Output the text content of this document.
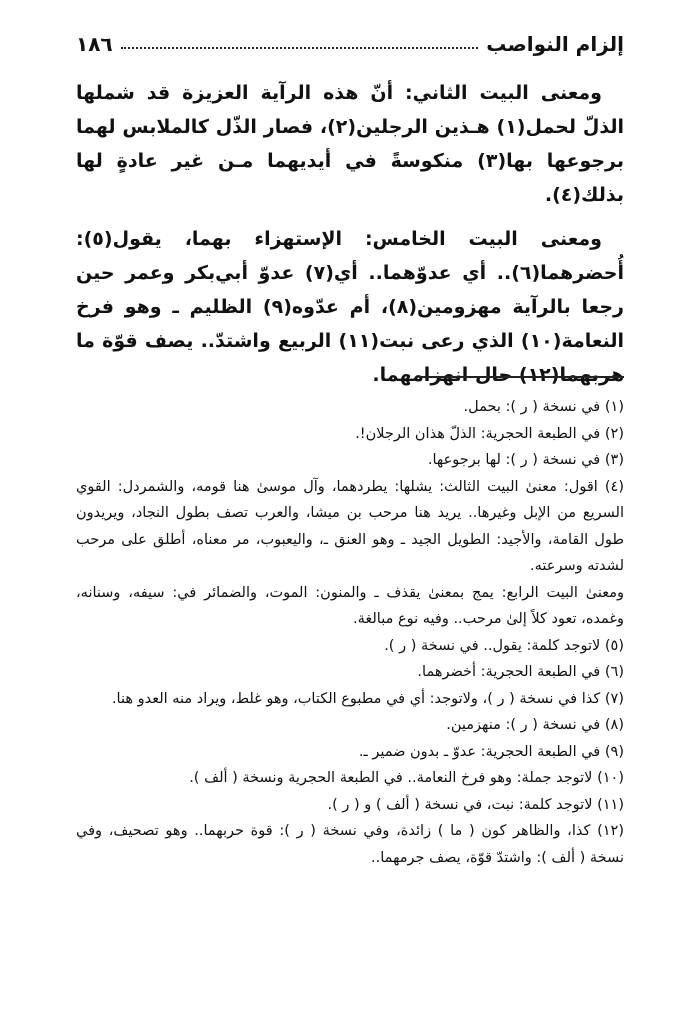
إلزام النواصب
١٨٦

ومعنى البيت الثاني: أنّ هذه الرآية العزيزة قد شملها الذلّ لحمل(١) هـذين الرجلين(٢)، فصار الذّل كالملابس لهما برجوعها بها(٣) منكوسةً في أيديهما مـن غير عادةٍ لها بذلك(٤).

ومعنى البيت الخامس: الإستهزاء بهما، يقول(٥): أُحضرهما(٦).. أي عدوّهما.. أي(٧) عدوّ أبي‌بكر وعمر حين رجعا بالرآية مهزومين(٨)، أم عدّوه(٩) الظليم ـ وهو فرخ النعامة(١٠) الذي رعى نبت(١١) الربيع واشتدّ.. يصف قوّة ما هربهما(١٢) حال انهزامهما.

(١) في نسخة ( ر ): بحمل.

(٢) في الطبعة الحجرية: الذلّ هذان الرجلان!.

(٣) في نسخة ( ر ): لها برجوعها.

(٤) اقول: معنىٰ البيت الثالث: يشلها: يطردهما، وآل موسىٰ هنا قومه، والشمردل: القوي السريع من الإبل وغيرها.. يريد هنا مرحب بن ميشا، والعرب تصف بطول النجاد، ويريدون طول القامة، والأجيد: الطويل الجيد ـ وهو العنق ـ، واليعبوب، مر معناه، أطلق على مرحب لشدته وسرعته.

ومعنىٰ البيت الرابع: يمج بمعنىٰ يقذف ـ والمنون: الموت، والضمائر في: سيفه، وسنانه، وغمده، تعود كلاً إلىٰ مرحب.. وفيه نوع مبالغة.

(٥) لاتوجد كلمة: يقول.. في نسخة ( ر ).

(٦) في الطبعة الحجرية: أخضرهما.

(٧) كذا في نسخة ( ر )، ولاتوجد: أي في مطبوع الكتاب، وهو غلط، ويراد منه العدو هنا.

(٨) في نسخة ( ر ): منهزمين.

(٩) في الطبعة الحجرية: عدوّ ـ بدون ضمير ـ.

(١٠) لاتوجد جملة: وهو فرخ النعامة.. في الطبعة الحجرية ونسخة ( ألف ).

(١١) لاتوجد كلمة: نبت، في نسخة ( ألف ) و ( ر ).

(١٢) كذا، والظاهر كون ( ما ) زائدة، وفي نسخة ( ر ): قوة حربهما.. وهو تصحيف، وفي نسخة ( ألف ): واشتدّ قوّة، يصف جرمهما..
